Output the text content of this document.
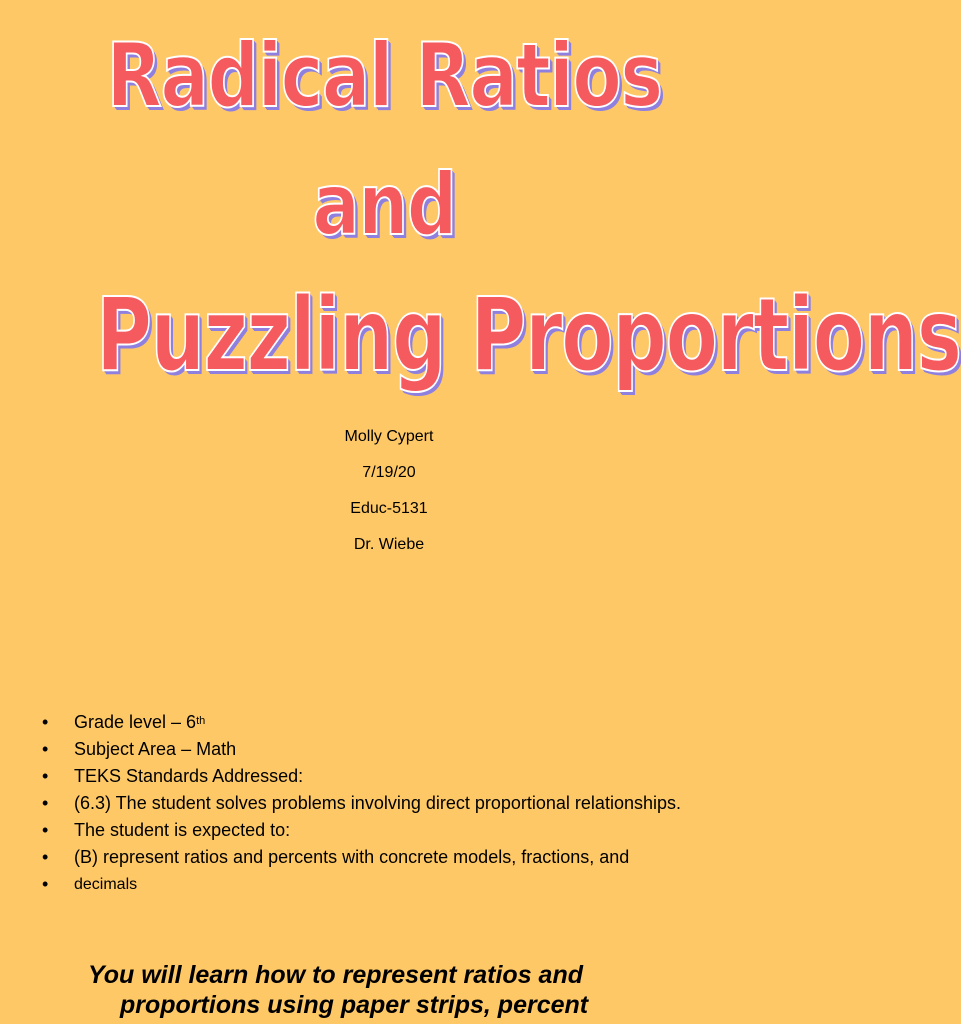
Radical Ratios
and
Puzzling Proportions
Molly Cypert
7/19/20
Educ-5131
Dr. Wiebe
• Grade level – 6th
• Subject Area – Math
• TEKS Standards Addressed:
• (6.3) The student solves problems involving direct proportional relationships.
• The student is expected to:
• (B) represent ratios and percents with concrete models, fractions, and
• decimals
You will learn how to represent ratios and
proportions using paper strips, percent
